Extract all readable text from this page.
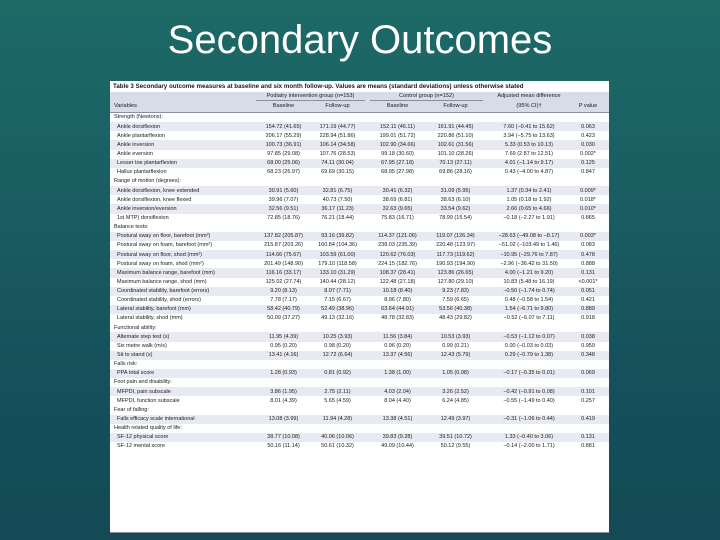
Secondary Outcomes
Table 3 Secondary outcome measures at baseline and six month follow-up. Values are means (standard deviations) unless otherwise stated
Podiatry intervention group (n=153)	Control group (n=152)	Adjusted mean difference
Variables	Baseline	Follow-up	Baseline	Follow-up	(95% CI)†	P value
Strength (Newtons):
Ankle dorsiflexion	154.72 (41.65)	171.19 (44.77)	152.11 (46.11)	161.91 (44.45)	7.60 (−0.41 to 15.62)	0.063
Ankle plantarflexion	206.17 (55.29)	228.94 (51.86)	199.01 (51.72)	220.86 (51.10)	3.94 (−5.75 to 13.63)	0.423
Ankle inversion	100.73 (36.91)	106.14 (34.58)	102.90 (34.66)	102.61 (31.56)	5.33 (0.53 to 10.13)	0.030
Ankle eversion	97.85 (29.08)	107.76 (28.53)	99.18 (30.60)	101.10 (28.26)	7.69 (2.87 to 12.51)	0.002*
Lesser toe plantarflexion	68.00 (25.06)	74.11 (30.04)	67.95 (27.18)	70.13 (27.11)	4.01 (−1.14 to 9.17)	0.125
Hallux plantarflexion	68.23 (26.97)	69.69 (30.15)	68.95 (27.98)	69.86 (28.16)	0.43 (−4.00 to 4.87)	0.847
Range of motion (degrees):
Ankle dorsiflexion, knee extended	30.91 (5.60)	32.81 (6.75)	30.41 (6.32)	31.09 (5.95)	1.37 (0.34 to 2.41)	0.009*
Ankle dorsiflexion, knee flexed	39.96 (7.07)	40.73 (7.50)	38.69 (6.81)	38.63 (6.10)	1.05 (0.18 to 1.92)	0.018*
Ankle inversion/eversion	32.56 (9.51)	36.17 (11.23)	32.63 (9.65)	33.54 (9.62)	2.66 (0.65 to 4.66)	0.010*
1st MTP) dorsiflexion	72.85 (18.76)	76.21 (18.44)	75.83 (16.71)	78.99 (15.54)	−0.18 (−2.27 to 1.91)	0.865
Balance tests:
Postural sway on floor, barefoot (mm²)	137.82 (205.87)	93.16 (39.82)	114.37 (121.06)	119.07 (126.34)	−28.63 (−49.08 to −8.17)	0.003*
Postural sway on foam, barefoot (mm²)	215.87 (203.26)	160.84 (104.36)	238.03 (235.39)	220.48 (123.97)	−51.02 (−103.49 to 1.46)	0.083
Postural sway on floor, shod (mm²)	114.66 (75.67)	103.59 (61.00)	120.62 (76.03)	117.73 (119.62)	−10.95 (−29.76 to 7.87)	0.478
Postural sway on foam, shod (mm²)	201.49 (148.90)	179.10 (118.58)	224.15 (182.76)	190.93 (194.90)	−2.96 (−36.42 to 31.50)	0.888
Maximum balance range, barefoot (mm)	116.16 (33.17)	133.10 (31.29)	108.37 (28.41)	123.86 (26.65)	4.00 (−1.21 to 9.20)	0.131
Maximum balance range, shod (mm)	125.02 (27.74)	140.44 (28.12)	122.48 (27.18)	127.80 (29.10)	10.83 (5.48 to 16.19)	<0.001*
Coordinated stability, barefoot (errors)	9.20 (8.13)	8.07 (7.71)	10.18 (8.40)	9.23 (7.83)	−0.50 (−1.74 to 0.74)	0.051
Coordinated stability, shod (errors)	7.78 (7.17)	7.15 (6.67)	8.96 (7.80)	7.59 (6.65)	0.48 (−0.58 to 1.54)	0.421
Lateral stability, barefoot (mm)	58.42 (40.79)	52.49 (38.96)	63.64 (44.91)	53.56 (40.38)	1.54 (−6.71 to 9.80)	0.889
Lateral stability, shod (mm)	50.09 (37.27)	49.13 (32.16)	48.78 (32.83)	48.43 (29.82)	−0.52 (−6.07 to 7.11)	0.918
Functional ability:
Alternate step test (s)	11.95 (4.39)	10.25 (3.93)	11.56 (3.84)	10.53 (3.93)	−0.53 (−1.12 to 0.07)	0.038
Six metre walk (m/s)	0.95 (0.20)	0.98 (0.20)	0.96 (0.20)	0.99 (0.21)	0.00 (−0.03 to 0.03)	0.959
Sit to stand (s)	13.41 (4.16)	12.72 (6.64)	13.37 (4.56)	12.43 (5.79)	0.29 (−0.79 to 1.38)	0.348
Falls risk:
PPA total score	1.28 (0.93)	0.81 (0.92)	1.38 (1.00)	1.05 (0.98)	−0.17 (−0.35 to 0.01)	0.069
Foot pain and disability:
MFPDI, pain subscale	3.86 (1.95)	2.75 (2.11)	4.03 (2.04)	3.26 (2.52)	−0.42 (−0.91 to 0.08)	0.101
MFPDI, function subscale	8.01 (4.39)	5.65 (4.59)	8.04 (4.40)	6.24 (4.85)	−0.55 (−1.49 to 0.40)	0.257
Fear of falling:
Falls efficacy scale international	13.08 (3.99)	11.94 (4.28)	13.38 (4.51)	12.49 (3.97)	−0.31 (−1.06 to 0.44)	0.419
Health related quality of life:
SF-12 physical score	38.77 (10.08)	40.06 (10.06)	39.83 (9.28)	39.51 (10.72)	1.33 (−0.40 to 3.06)	0.131
SF-12 mental score	50.16 (11.14)	50.61 (10.32)	49.09 (10.44)	50.12 (9.55)	−0.14 (−2.00 to 1.71)	0.881
